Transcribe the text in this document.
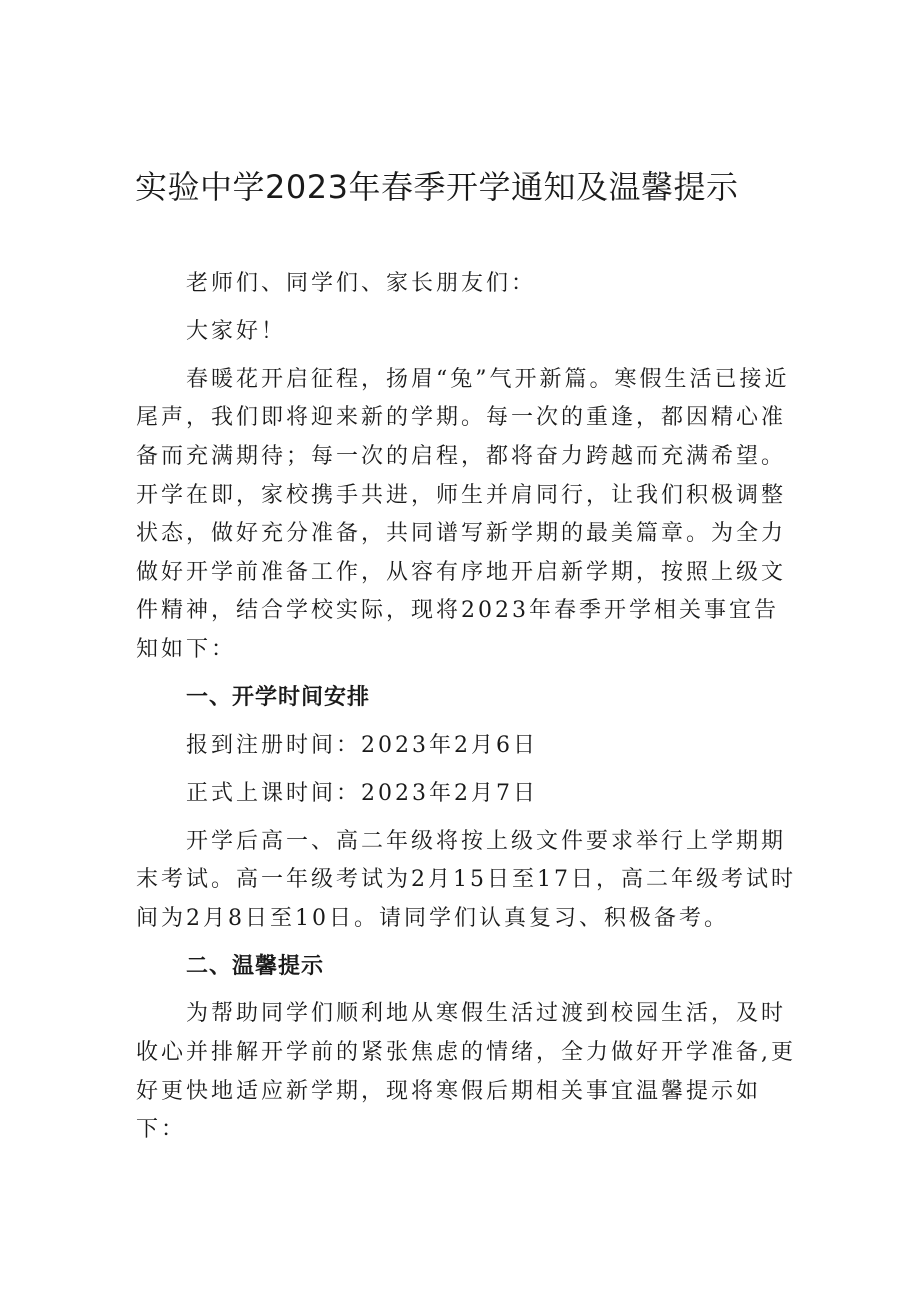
实验中学2023年春季开学通知及温馨提示

老师们、同学们、家长朋友们：

大家好！

春暖花开启征程，扬眉“兔”气开新篇。寒假生活已接近尾声，我们即将迎来新的学期。每一次的重逢，都因精心准备而充满期待；每一次的启程，都将奋力跨越而充满希望。开学在即，家校携手共进，师生并肩同行，让我们积极调整状态，做好充分准备，共同谱写新学期的最美篇章。为全力做好开学前准备工作，从容有序地开启新学期，按照上级文件精神，结合学校实际，现将2023年春季开学相关事宜告知如下：

一、开学时间安排

报到注册时间：2023年2月6日

正式上课时间：2023年2月7日

开学后高一、高二年级将按上级文件要求举行上学期期末考试。高一年级考试为2月15日至17日，高二年级考试时间为2月8日至10日。请同学们认真复习、积极备考。

二、温馨提示

为帮助同学们顺利地从寒假生活过渡到校园生活，及时收心并排解开学前的紧张焦虑的情绪，全力做好开学准备,更好更快地适应新学期，现将寒假后期相关事宜温馨提示如下：
